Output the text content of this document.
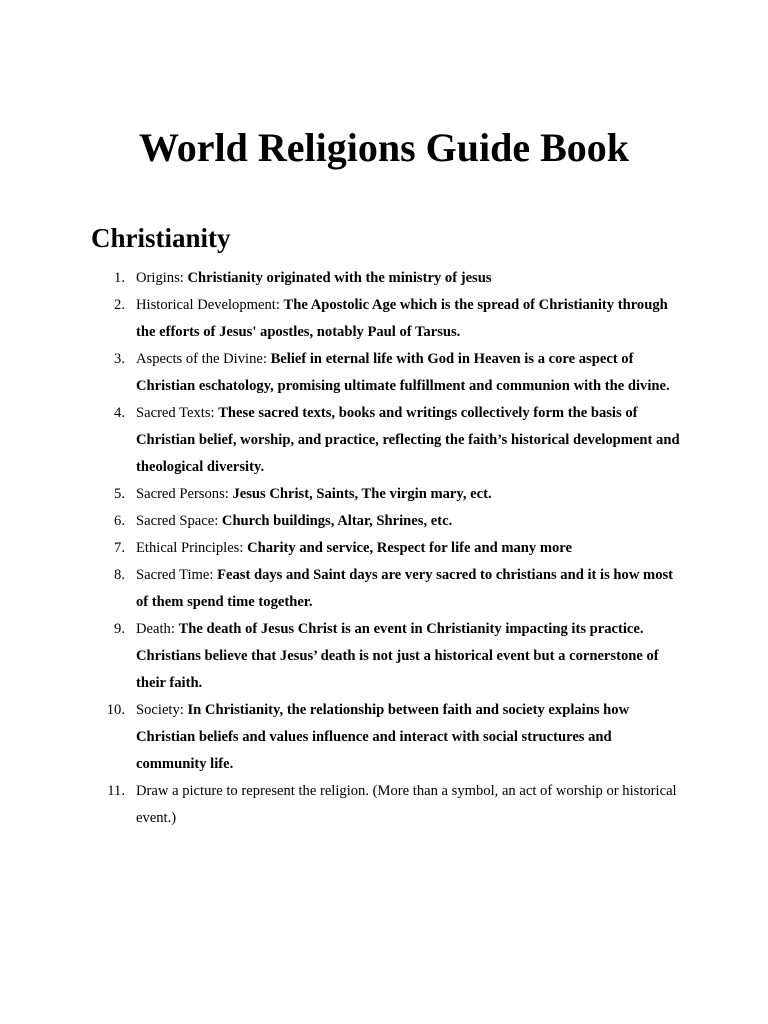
World Religions Guide Book
Christianity
1. Origins: Christianity originated with the ministry of jesus
2. Historical Development: The Apostolic Age which is the spread of Christianity through the efforts of Jesus' apostles, notably Paul of Tarsus.
3. Aspects of the Divine: Belief in eternal life with God in Heaven is a core aspect of Christian eschatology, promising ultimate fulfillment and communion with the divine.
4. Sacred Texts: These sacred texts, books and writings collectively form the basis of Christian belief, worship, and practice, reflecting the faith’s historical development and theological diversity.
5. Sacred Persons: Jesus Christ, Saints, The virgin mary, ect.
6. Sacred Space: Church buildings, Altar, Shrines, etc.
7. Ethical Principles: Charity and service, Respect for life and many more
8. Sacred Time: Feast days and Saint days are very sacred to christians and it is how most of them spend time together.
9. Death: The death of Jesus Christ is an event in Christianity impacting its practice. Christians believe that Jesus’ death is not just a historical event but a cornerstone of their faith.
10. Society: In Christianity, the relationship between faith and society explains how Christian beliefs and values influence and interact with social structures and community life.
11. Draw a picture to represent the religion. (More than a symbol, an act of worship or historical event.)
